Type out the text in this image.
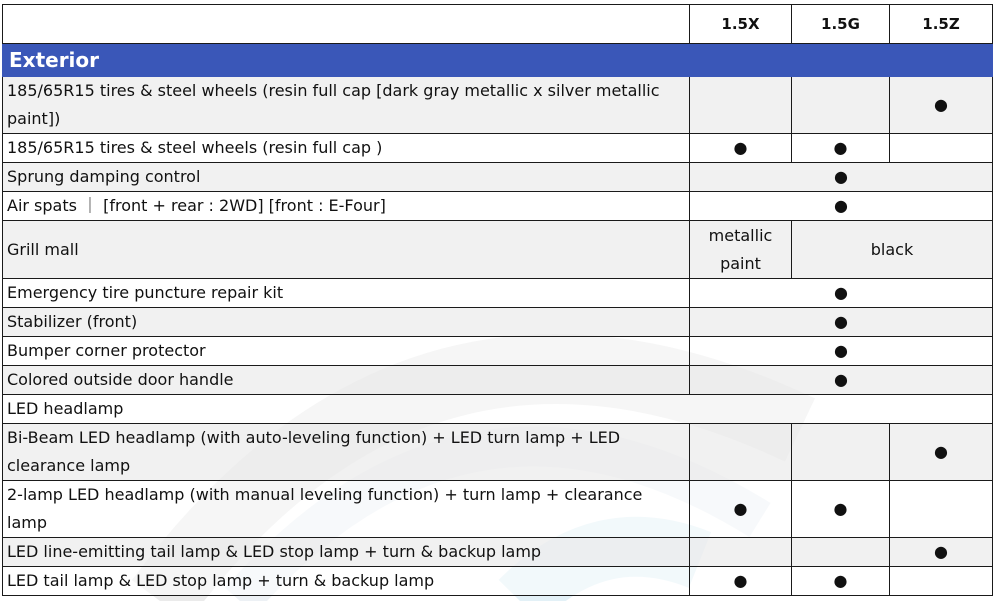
	1.5X	1.5G	1.5Z
Exterior			
185/65R15 tires & steel wheels (resin full cap [dark gray metallic x silver metallic paint])			●
185/65R15 tires & steel wheels (resin full cap )	●	●	
Sprung damping control	●		
Air spats ｜ [front + rear : 2WD] [front : E-Four]	●		
Grill mall	metallic paint	black	
Emergency tire puncture repair kit	●		
Stabilizer (front)	●		
Bumper corner protector	●		
Colored outside door handle	●		
LED headlamp			
Bi-Beam LED headlamp (with auto-leveling function) + LED turn lamp + LED clearance lamp			●
2-lamp LED headlamp (with manual leveling function) + turn lamp + clearance lamp	●	●	
LED line-emitting tail lamp & LED stop lamp + turn & backup lamp			●
LED tail lamp & LED stop lamp + turn & backup lamp	●	●	
